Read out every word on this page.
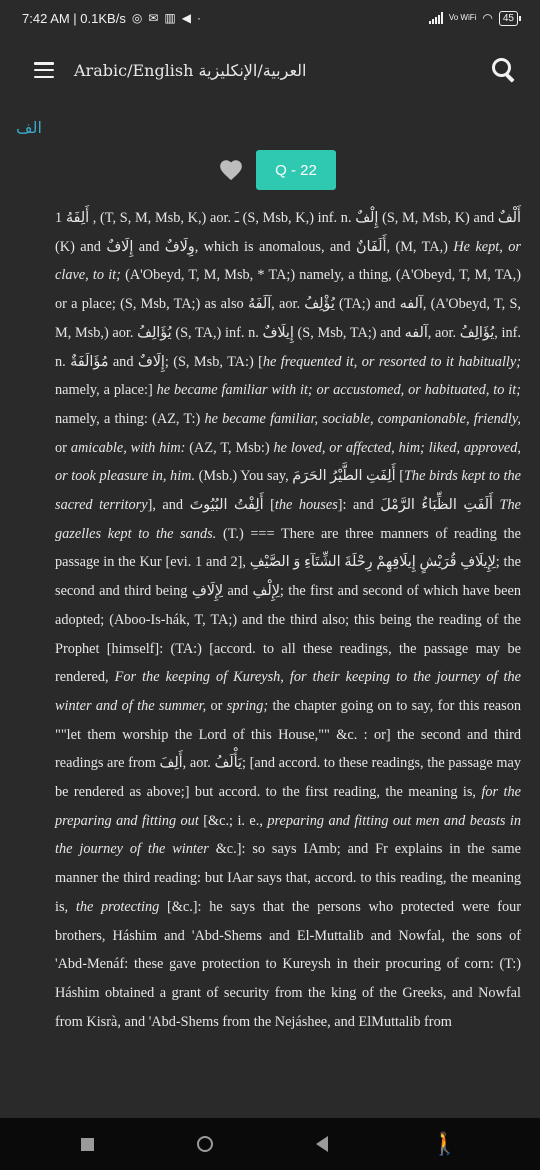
7:42 AM | 0.1KB/s ◎ ✉ ▥ ◀ ·	Vo WiFi ◠	45
Arabic/English العربية/الإنكليزية
الف
Q - 22
1 أَلِفَهُ , (T, S, M, Msb, K,) aor. ـَ (S, Msb, K,) inf. n. إِلْفٌ (S, M, Msb, K) and أَلْفٌ (K) and إِلَافٌ and وِلَافٌ, which is anomalous, and أَلَفَانٌ, (M, TA,) He kept, or clave, to it; (A'Obeyd, T, M, Msb, * TA;) namely, a thing, (A'Obeyd, T, M, TA,) or a place; (S, Msb, TA;) as also آلَفَهُ, aor. يُؤْلِفُ (TA;) and آلفه, (A'Obeyd, T, S, M, Msb,) aor. يُؤَالِفُ (S, TA,) inf. n. إِيلَافٌ (S, Msb, TA;) and آلفه, aor. يُؤَالِفُ, inf. n. مُؤَالَفَةٌ and إِلَافٌ; (S, Msb, TA:) [he frequented it, or resorted to it habitually; namely, a place:] he became familiar with it; or accustomed, or habituated, to it; namely, a thing: (AZ, T:) he became familiar, sociable, companionable, friendly, or amicable, with him: (AZ, T, Msb:) he loved, or affected, him; liked, approved, or took pleasure in, him. (Msb.) You say, أَلِفَتِ الطَّيْرُ الحَرَمَ [The birds kept to the sacred territory], and أَلِفْتُ البُيُوتَ [the houses]: and أَلَفَتِ الظِّبَاءُ الرَّمْلَ The gazelles kept to the sands. (T.) === There are three manners of reading the passage in the Kur [evi. 1 and 2], لِإِيلَافِ قُرَيْشٍ إِيلَافِهِمْ رِحْلَةَ الشِّتَآءِ وَ الصَّيْفِ; the second and third being لِإِلَافِ and لِإِلْفِ; the first and second of which have been adopted; (Aboo-Is-hák, T, TA;) and the third also; this being the reading of the Prophet [himself]: (TA:) [accord. to all these readings, the passage may be rendered, For the keeping of Kureysh, for their keeping to the journey of the winter and of the summer, or spring; the chapter going on to say, for this reason ""let them worship the Lord of this House,"" &c. : or] the second and third readings are from أَلِفَ, aor. يَأْلَفُ; [and accord. to these readings, the passage may be rendered as above;] but accord. to the first reading, the meaning is, for the preparing and fitting out [&c.; i. e., preparing and fitting out men and beasts in the journey of the winter &c.]: so says IAmb; and Fr explains in the same manner the third reading: but IAar says that, accord. to this reading, the meaning is, the protecting [&c.]: he says that the persons who protected were four brothers, Háshim and 'Abd-Shems and El-Muttalib and Nowfal, the sons of 'Abd-Menáf: these gave protection to Kureysh in their procuring of corn: (T:) Háshim obtained a grant of security from the king of the Greeks, and Nowfal from Kisrà, and 'Abd-Shems from the Nejáshee, and ElMuttalib from
🚶
